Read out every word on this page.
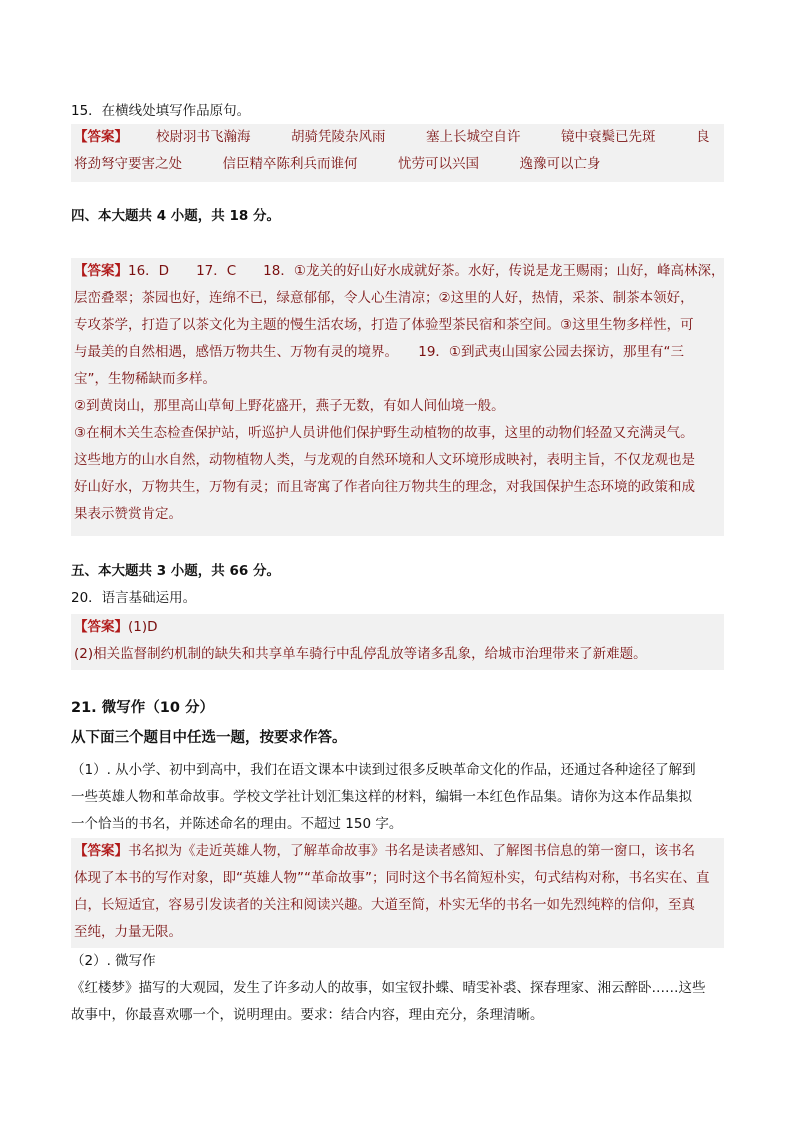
15．在横线处填写作品原句。
【答案】 校尉羽书飞瀚海　　　胡骑凭陵杂风雨　　　塞上长城空自许　　　镜中衰鬓已先斑　　　良
将劲弩守要害之处　　　信臣精卒陈利兵而谁何　　　忧劳可以兴国　　　逸豫可以亡身
四、本大题共 4 小题，共 18 分。
【答案】16．D　　17．C　　18．①龙关的好山好水成就好茶。水好，传说是龙王赐雨；山好，峰高林深，
层峦叠翠；茶园也好，连绵不已，绿意郁郁，令人心生清凉；②这里的人好，热情，采茶、制茶本领好，
专攻茶学，打造了以茶文化为主题的慢生活农场，打造了体验型茶民宿和茶空间。③这里生物多样性，可
与最美的自然相遇，感悟万物共生、万物有灵的境界。　　19．①到武夷山国家公园去探访，那里有“三
宝”，生物稀缺而多样。
②到黄岗山，那里高山草甸上野花盛开，燕子无数，有如人间仙境一般。
③在桐木关生态检查保护站，听巡护人员讲他们保护野生动植物的故事，这里的动物们轻盈又充满灵气。
这些地方的山水自然，动物植物人类，与龙观的自然环境和人文环境形成映衬，表明主旨，不仅龙观也是
好山好水，万物共生，万物有灵；而且寄寓了作者向往万物共生的理念，对我国保护生态环境的政策和成
果表示赞赏肯定。
五、本大题共 3 小题，共 66 分。
20．语言基础运用。
【答案】(1)D
(2)相关监督制约机制的缺失和共享单车骑行中乱停乱放等诸多乱象，给城市治理带来了新难题。
21. 微写作（10 分）
从下面三个题目中任选一题，按要求作答。
（1）. 从小学、初中到高中，我们在语文课本中读到过很多反映革命文化的作品，还通过各种途径了解到
一些英雄人物和革命故事。学校文学社计划汇集这样的材料，编辑一本红色作品集。请你为这本作品集拟
一个恰当的书名，并陈述命名的理由。不超过 150 字。
【答案】书名拟为《走近英雄人物，了解革命故事》书名是读者感知、了解图书信息的第一窗口，该书名
体现了本书的写作对象，即“英雄人物”“革命故事”；同时这个书名简短朴实，句式结构对称，书名实在、直
白，长短适宜，容易引发读者的关注和阅读兴趣。大道至简，朴实无华的书名一如先烈纯粹的信仰，至真
至纯，力量无限。
（2）. 微写作
《红楼梦》描写的大观园，发生了许多动人的故事，如宝钗扑蝶、晴雯补裘、探春理家、湘云醉卧……这些
故事中，你最喜欢哪一个，说明理由。要求：结合内容，理由充分，条理清晰。
